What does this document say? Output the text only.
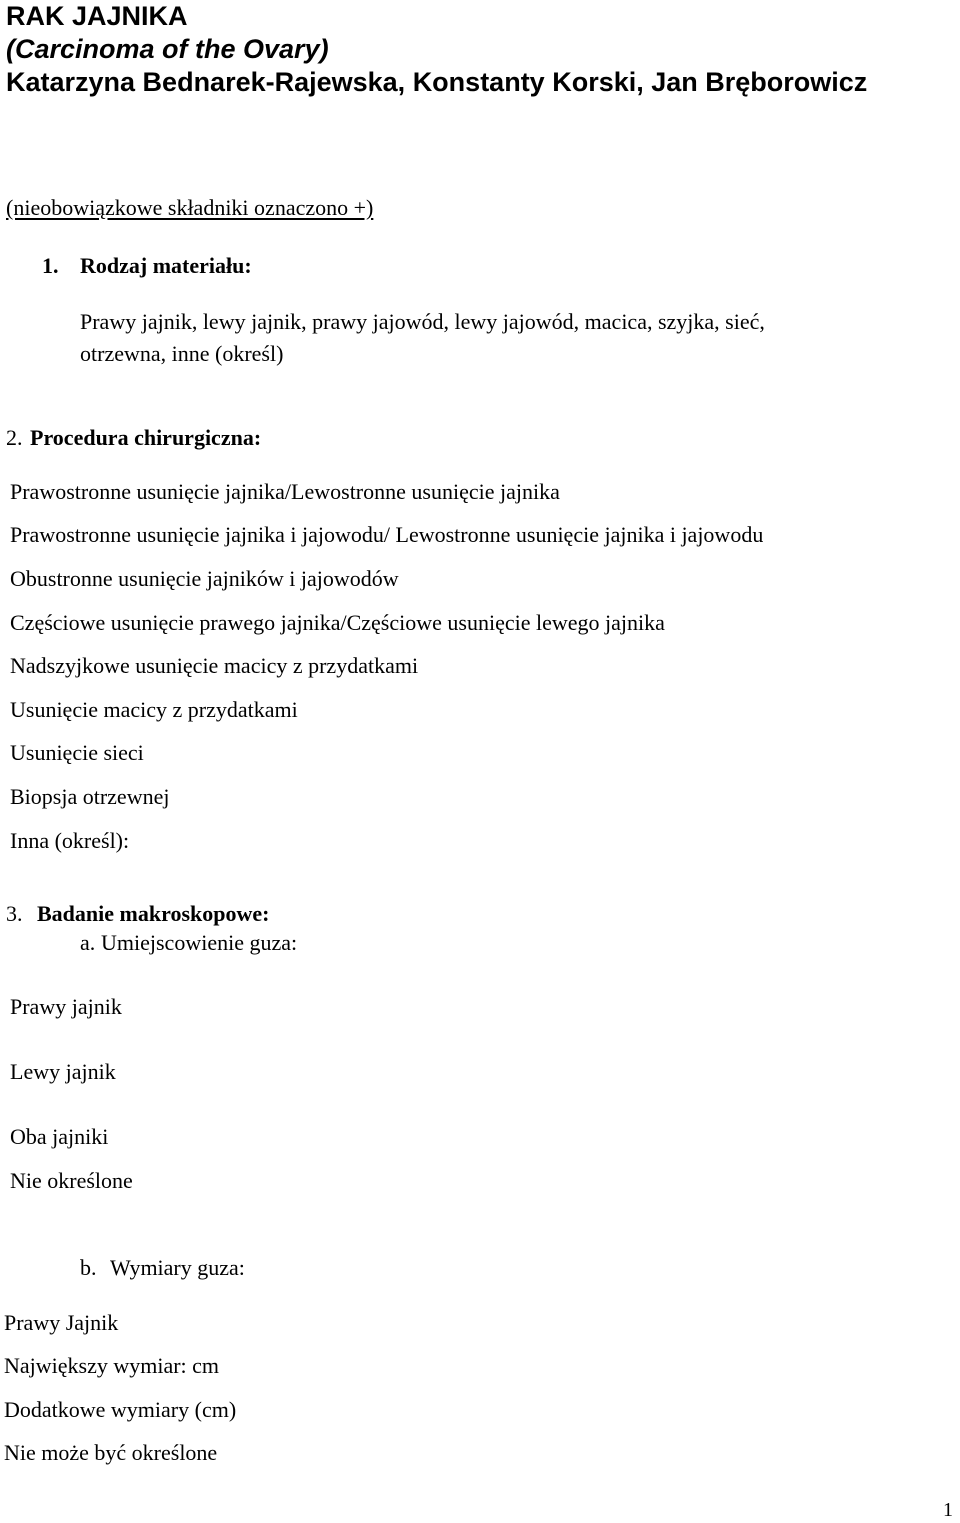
RAK JAJNIKA
(Carcinoma of the Ovary)
Katarzyna Bednarek-Rajewska, Konstanty Korski, Jan Bręborowicz
(nieobowiązkowe składniki oznaczono +)
1. Rodzaj materiału:
Prawy jajnik, lewy jajnik, prawy jajowód, lewy jajowód, macica, szyjka, sieć,
otrzewna, inne (określ)
2. Procedura chirurgiczna:
Prawostronne usunięcie jajnika/Lewostronne usunięcie jajnika
Prawostronne usunięcie jajnika i jajowodu/ Lewostronne usunięcie jajnika i jajowodu
Obustronne usunięcie jajników i jajowodów
Częściowe usunięcie prawego jajnika/Częściowe usunięcie lewego jajnika
Nadszyjkowe usunięcie macicy z przydatkami
Usunięcie macicy z przydatkami
Usunięcie sieci
Biopsja otrzewnej
Inna (określ):
3. Badanie makroskopowe:
a. Umiejscowienie guza:
Prawy jajnik
Lewy jajnik
Oba jajniki
Nie określone
b. Wymiary guza:
Prawy Jajnik
Największy wymiar: cm
Dodatkowe wymiary (cm)
Nie może być określone
1
